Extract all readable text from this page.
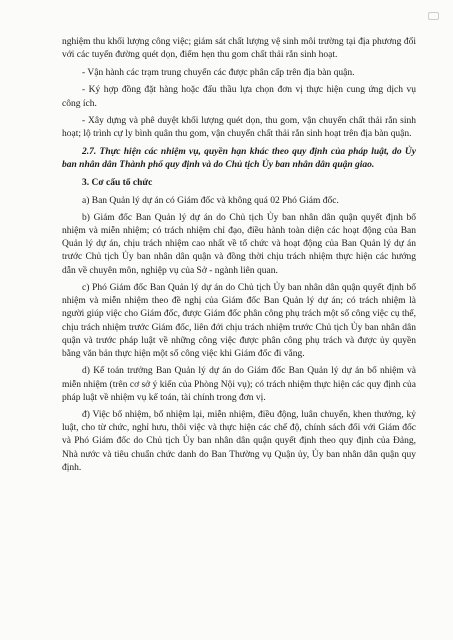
nghiệm thu khối lượng công việc; giám sát chất lượng vệ sinh môi trường tại địa phương đối với các tuyến đường quét dọn, điểm hẹn thu gom chất thải rắn sinh hoạt.

- Vận hành các trạm trung chuyển các được phân cấp trên địa bàn quận.

- Ký hợp đồng đặt hàng hoặc đấu thầu lựa chọn đơn vị thực hiện cung ứng dịch vụ công ích.

- Xây dựng và phê duyệt khối lượng quét dọn, thu gom, vận chuyển chất thải rắn sinh hoạt; lộ trình cự ly bình quân thu gom, vận chuyển chất thải rắn sinh hoạt trên địa bàn quận.

2.7. Thực hiện các nhiệm vụ, quyền hạn khác theo quy định của pháp luật, do Ủy ban nhân dân Thành phố quy định và do Chủ tịch Ủy ban nhân dân quận giao.

3. Cơ cấu tổ chức

a) Ban Quản lý dự án có Giám đốc và không quá 02 Phó Giám đốc.

b) Giám đốc Ban Quản lý dự án do Chủ tịch Ủy ban nhân dân quận quyết định bổ nhiệm và miễn nhiệm; có trách nhiệm chỉ đạo, điều hành toàn diện các hoạt động của Ban Quản lý dự án, chịu trách nhiệm cao nhất về tổ chức và hoạt động của Ban Quản lý dự án trước Chủ tịch Ủy ban nhân dân quận và đồng thời chịu trách nhiệm thực hiện các hướng dẫn về chuyên môn, nghiệp vụ của Sở - ngành liên quan.

c) Phó Giám đốc Ban Quản lý dự án do Chủ tịch Ủy ban nhân dân quận quyết định bổ nhiệm và miễn nhiệm theo đề nghị của Giám đốc Ban Quản lý dự án; có trách nhiệm là người giúp việc cho Giám đốc, được Giám đốc phân công phụ trách một số công việc cụ thể, chịu trách nhiệm trước Giám đốc, liên đới chịu trách nhiệm trước Chủ tịch Ủy ban nhân dân quận và trước pháp luật về những công việc được phân công phụ trách và được ủy quyền bằng văn bản thực hiện một số công việc khi Giám đốc đi vắng.

d) Kế toán trưởng Ban Quản lý dự án do Giám đốc Ban Quản lý dự án bổ nhiệm và miễn nhiệm (trên cơ sở ý kiến của Phòng Nội vụ); có trách nhiệm thực hiện các quy định của pháp luật về nhiệm vụ kế toán, tài chính trong đơn vị.

đ) Việc bổ nhiệm, bổ nhiệm lại, miễn nhiệm, điều động, luân chuyển, khen thưởng, kỷ luật, cho từ chức, nghỉ hưu, thôi việc và thực hiện các chế độ, chính sách đối với Giám đốc và Phó Giám đốc do Chủ tịch Ủy ban nhân dân quận quyết định theo quy định của Đảng, Nhà nước và tiêu chuẩn chức danh do Ban Thường vụ Quận ủy, Ủy ban nhân dân quận quy định.
